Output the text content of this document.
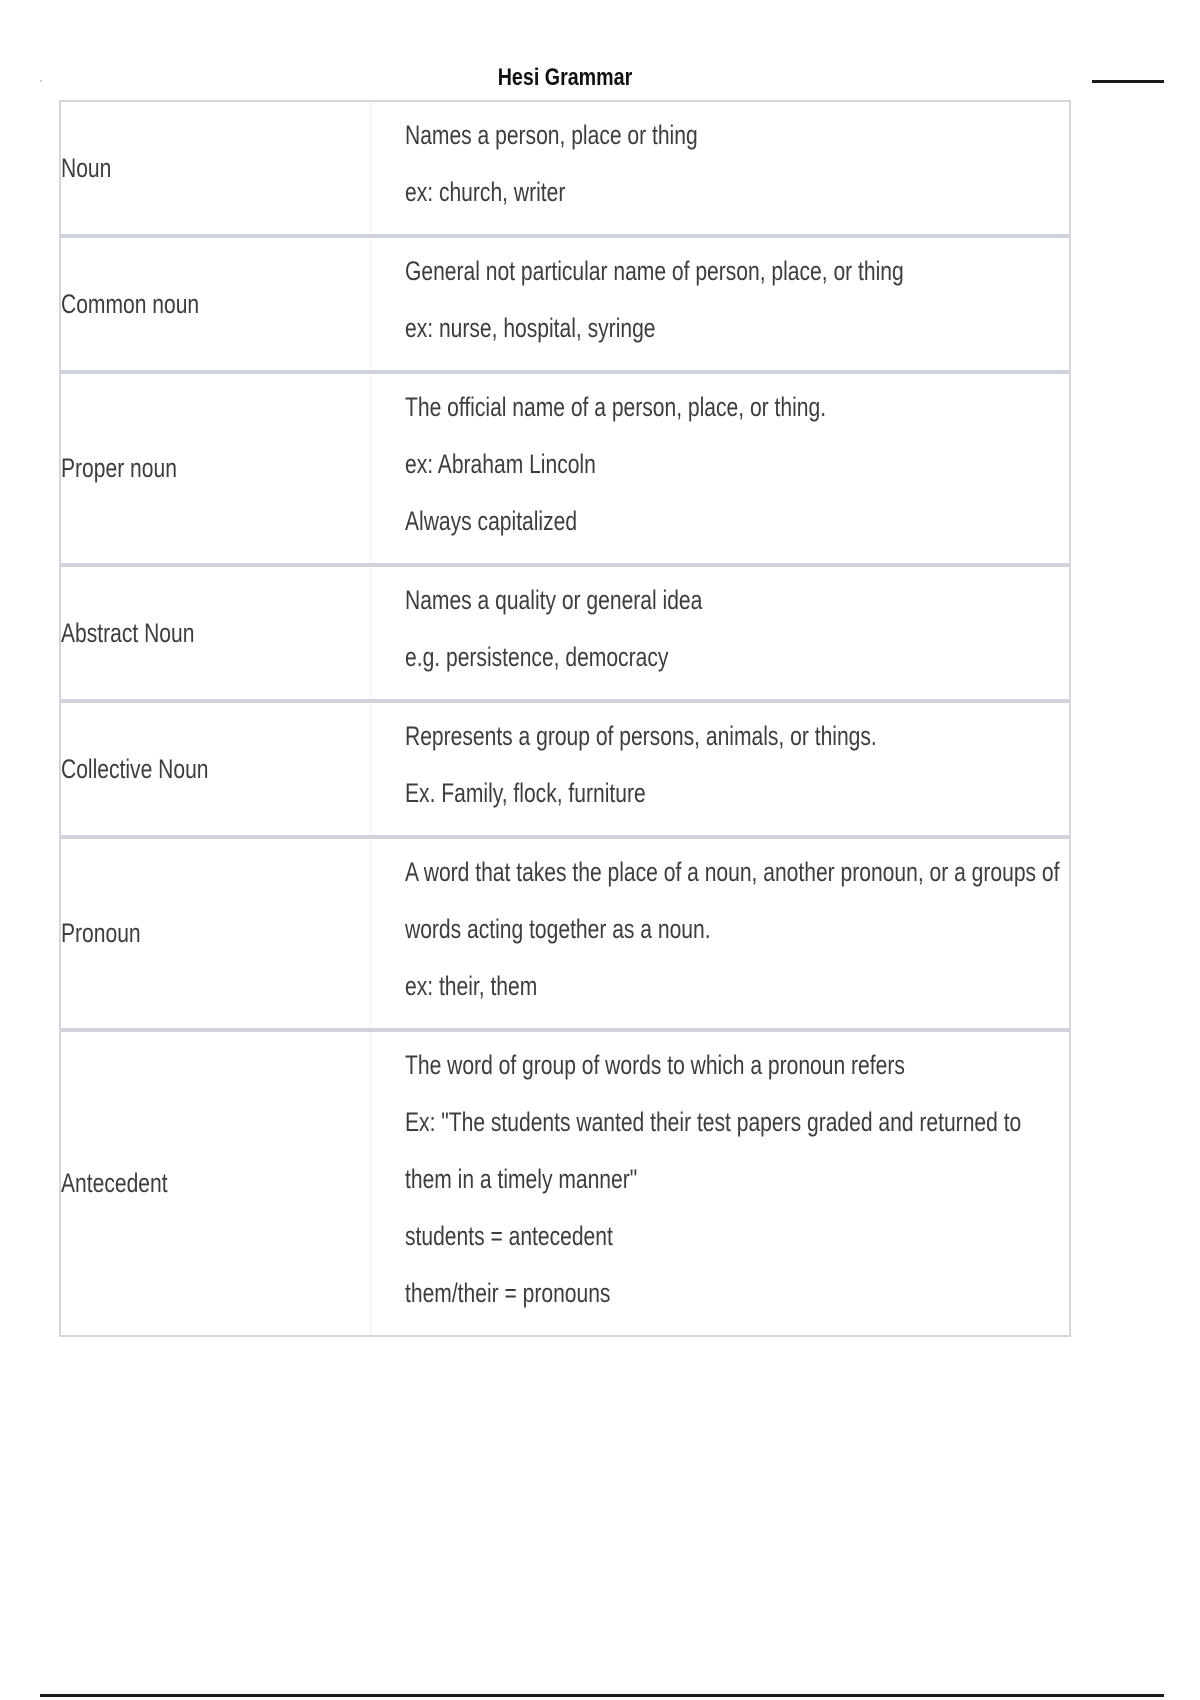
Hesi Grammar
Noun
Names a person, place or thing
ex: church, writer
Common noun
General not particular name of person, place, or thing
ex: nurse, hospital, syringe
Proper noun
The official name of a person, place, or thing.
ex: Abraham Lincoln
Always capitalized
Abstract Noun
Names a quality or general idea
e.g. persistence, democracy
Collective Noun
Represents a group of persons, animals, or things.
Ex. Family, flock, furniture
Pronoun
A word that takes the place of a noun, another pronoun, or a groups of
words acting together as a noun.
ex: their, them
Antecedent
The word of group of words to which a pronoun refers
Ex: "The students wanted their test papers graded and returned to
them in a timely manner"
students = antecedent
them/their = pronouns
